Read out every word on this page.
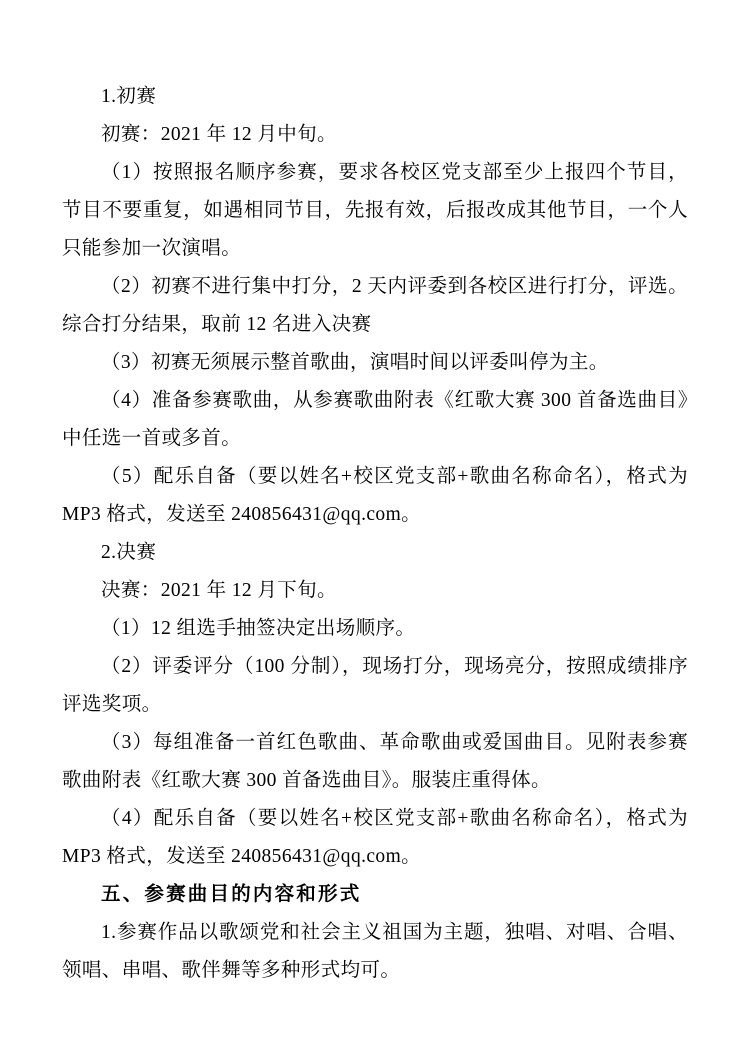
1.初赛

初赛：2021 年 12 月中旬。

（1）按照报名顺序参赛，要求各校区党支部至少上报四个节目，节目不要重复，如遇相同节目，先报有效，后报改成其他节目，一个人只能参加一次演唱。

（2）初赛不进行集中打分，2 天内评委到各校区进行打分，评选。综合打分结果，取前 12 名进入决赛

（3）初赛无须展示整首歌曲，演唱时间以评委叫停为主。

（4）准备参赛歌曲，从参赛歌曲附表《红歌大赛 300 首备选曲目》中任选一首或多首。

（5）配乐自备（要以姓名+校区党支部+歌曲名称命名），格式为 MP3 格式，发送至 240856431@qq.com。

2.决赛

决赛：2021 年 12 月下旬。

（1）12 组选手抽签决定出场顺序。

（2）评委评分（100 分制），现场打分，现场亮分，按照成绩排序评选奖项。

（3）每组准备一首红色歌曲、革命歌曲或爱国曲目。见附表参赛歌曲附表《红歌大赛 300 首备选曲目》。服装庄重得体。

（4）配乐自备（要以姓名+校区党支部+歌曲名称命名），格式为 MP3 格式，发送至 240856431@qq.com。

五、参赛曲目的内容和形式

1.参赛作品以歌颂党和社会主义祖国为主题，独唱、对唱、合唱、领唱、串唱、歌伴舞等多种形式均可。
